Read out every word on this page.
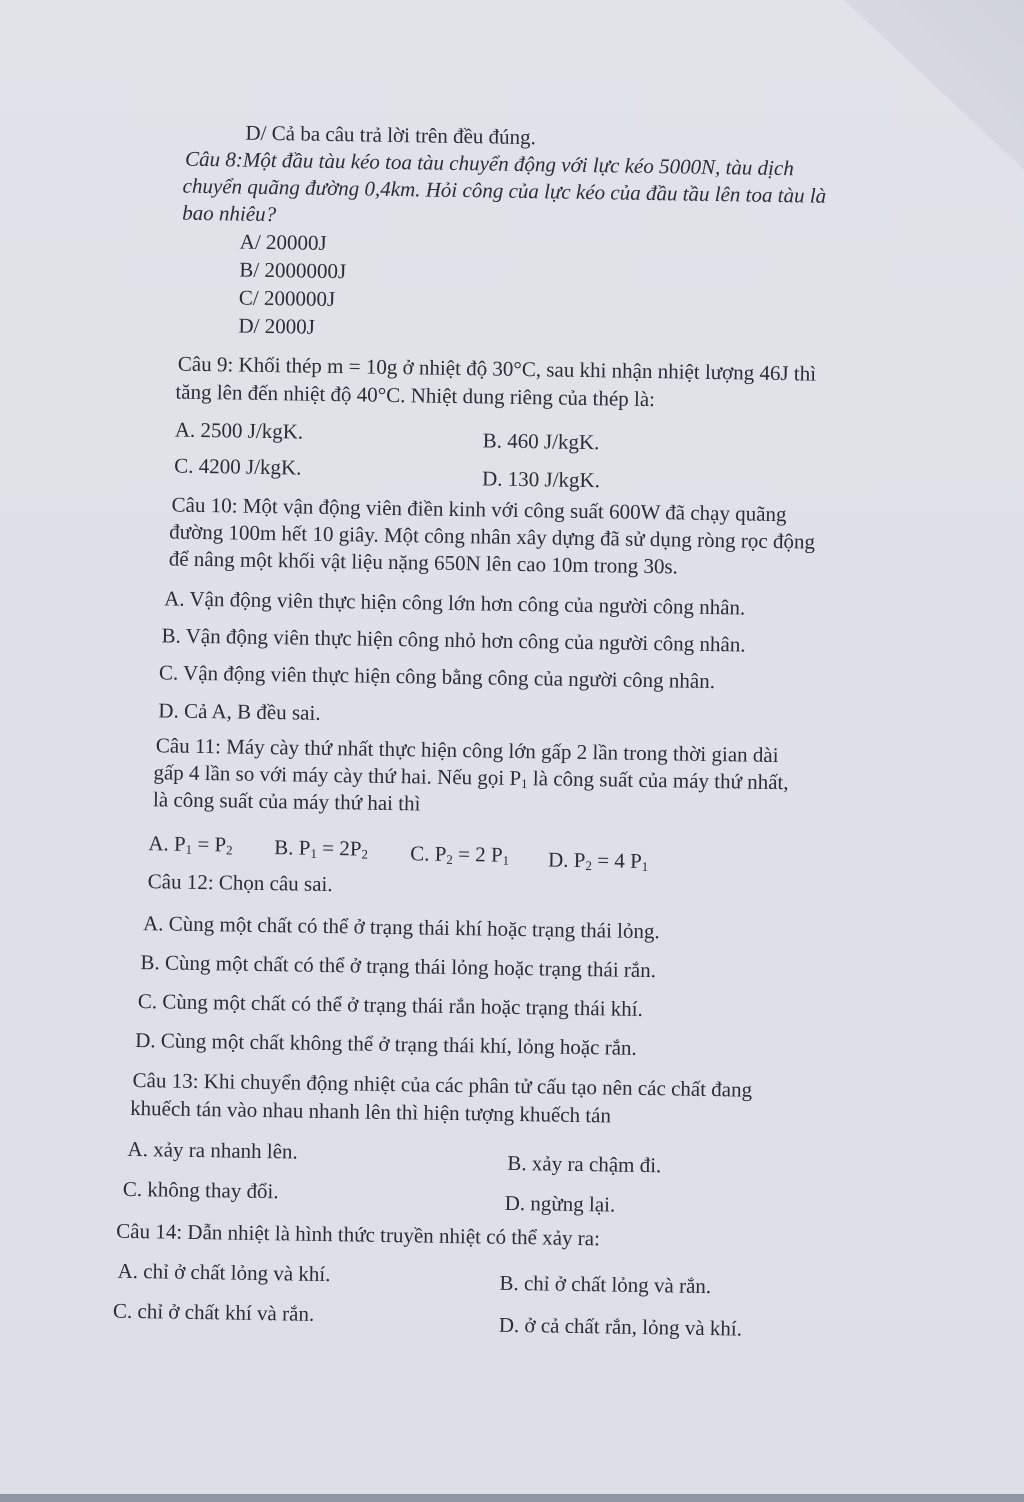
D/ Cả ba câu trả lời trên đều đúng.
Câu 8:Một đầu tàu kéo toa tàu chuyển động với lực kéo 5000N, tàu dịch
chuyển quãng đường 0,4km. Hỏi công của lực kéo của đầu tầu lên toa tàu là
bao nhiêu?
A/ 20000J
B/ 2000000J
C/ 200000J
D/ 2000J
Câu 9: Khối thép m = 10g ở nhiệt độ 30°C, sau khi nhận nhiệt lượng 46J thì
tăng lên đến nhiệt độ 40°C. Nhiệt dung riêng của thép là:
A. 2500 J/kgK.	B. 460 J/kgK.
C. 4200 J/kgK.	D. 130 J/kgK.
Câu 10: Một vận động viên điền kinh với công suất 600W đã chạy quãng
đường 100m hết 10 giây. Một công nhân xây dựng đã sử dụng ròng rọc động
để nâng một khối vật liệu nặng 650N lên cao 10m trong 30s.
A. Vận động viên thực hiện công lớn hơn công của người công nhân.
B. Vận động viên thực hiện công nhỏ hơn công của người công nhân.
C. Vận động viên thực hiện công bằng công của người công nhân.
D. Cả A, B đều sai.
Câu 11: Máy cày thứ nhất thực hiện công lớn gấp 2 lần trong thời gian dài
gấp 4 lần so với máy cày thứ hai. Nếu gọi $P_1$ là công suất của máy thứ nhất,
là công suất của máy thứ hai thì
A. $P_1 = P_2$ B. $P_1 = 2P_2$ C. $P_2 = 2$ $P_1$ D. $P_2 = 4$ $P_1$
Câu 12: Chọn câu sai.
A. Cùng một chất có thể ở trạng thái khí hoặc trạng thái lỏng.
B. Cùng một chất có thể ở trạng thái lỏng hoặc trạng thái rắn.
C. Cùng một chất có thể ở trạng thái rắn hoặc trạng thái khí.
D. Cùng một chất không thể ở trạng thái khí, lỏng hoặc rắn.
Câu 13: Khi chuyển động nhiệt của các phân tử cấu tạo nên các chất đang
khuếch tán vào nhau nhanh lên thì hiện tượng khuếch tán
A. xảy ra nhanh lên.
B. xảy ra chậm đi.
C. không thay đổi.
D. ngừng lại.
Câu 14: Dẫn nhiệt là hình thức truyền nhiệt có thể xảy ra:
A. chỉ ở chất lỏng và khí.	B. chỉ ở chất lỏng và rắn.
C. chỉ ở chất khí và rắn.
D. ở cả chất rắn, lỏng và khí.
